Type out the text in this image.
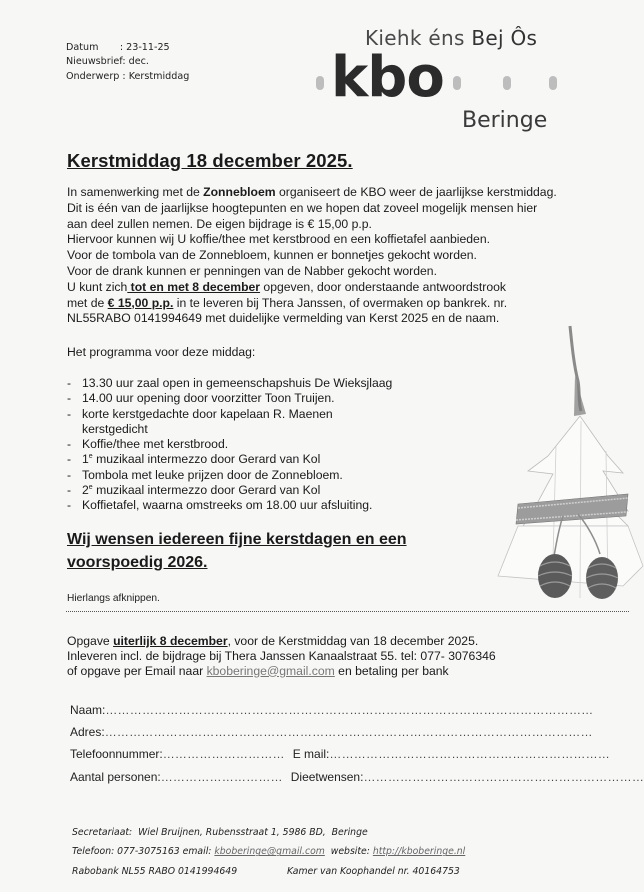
Datum       : 23-11-25
Nieuwsbrief: dec.
Onderwerp : Kerstmiddag
Kiehk éns Bej Ôs
kbo
Beringe
Kerstmiddag 18 december 2025.
In samenwerking met de Zonnebloem organiseert de KBO weer de jaarlijkse kerstmiddag.
Dit is één van de jaarlijkse hoogtepunten en we hopen dat zoveel mogelijk mensen hier
aan deel zullen nemen. De eigen bijdrage is € 15,00 p.p.
Hiervoor kunnen wij U koffie/thee met kerstbrood en een koffietafel aanbieden.
Voor de tombola van de Zonnebloem, kunnen er bonnetjes gekocht worden.
Voor de drank kunnen er penningen van de Nabber gekocht worden.
U kunt zich tot en met 8 december opgeven, door onderstaande antwoordstrook
met de € 15,00 p.p. in te leveren bij Thera Janssen, of overmaken op bankrek. nr.
NL55RABO 0141994649 met duidelijke vermelding van Kerst 2025 en de naam.
Het programma voor deze middag:
- 13.30 uur zaal open in gemeenschapshuis De Wieksjlaag
- 14.00 uur opening door voorzitter Toon Truijen.
- korte kerstgedachte door kapelaan R. Maenen
kerstgedicht
- Koffie/thee met kerstbrood.
- 1e muzikaal intermezzo door Gerard van Kol
- Tombola met leuke prijzen door de Zonnebloem.
- 2e muzikaal intermezzo door Gerard van Kol
- Koffietafel, waarna omstreeks om 18.00 uur afsluiting.
Wij wensen iedereen fijne kerstdagen en een
voorspoedig 2026.
Hierlangs afknippen.
Opgave uiterlijk 8 december, voor de Kerstmiddag van 18 december 2025.
Inleveren incl. de bijdrage bij Thera Janssen Kanaalstraat 55. tel: 077- 3076346
of opgave per Email naar kboberinge@gmail.com en betaling per bank
Naam: …………………………………………………………………………………………………………
Adres: …………………………………………………………………………………………………………
Telefoonnummer: ………………………… E mail: ……………………………………………………………
Aantal personen: ………………………… Dieetwensen: ……………………………………………………………
Secretariaat:  Wiel Bruijnen, Rubensstraat 1, 5986 BD,  Beringe
Telefoon: 077-3075163 email: kboberinge@gmail.com  website: http://kboberinge.nl
Rabobank NL55 RABO 0141994649	Kamer van Koophandel nr. 40164753
